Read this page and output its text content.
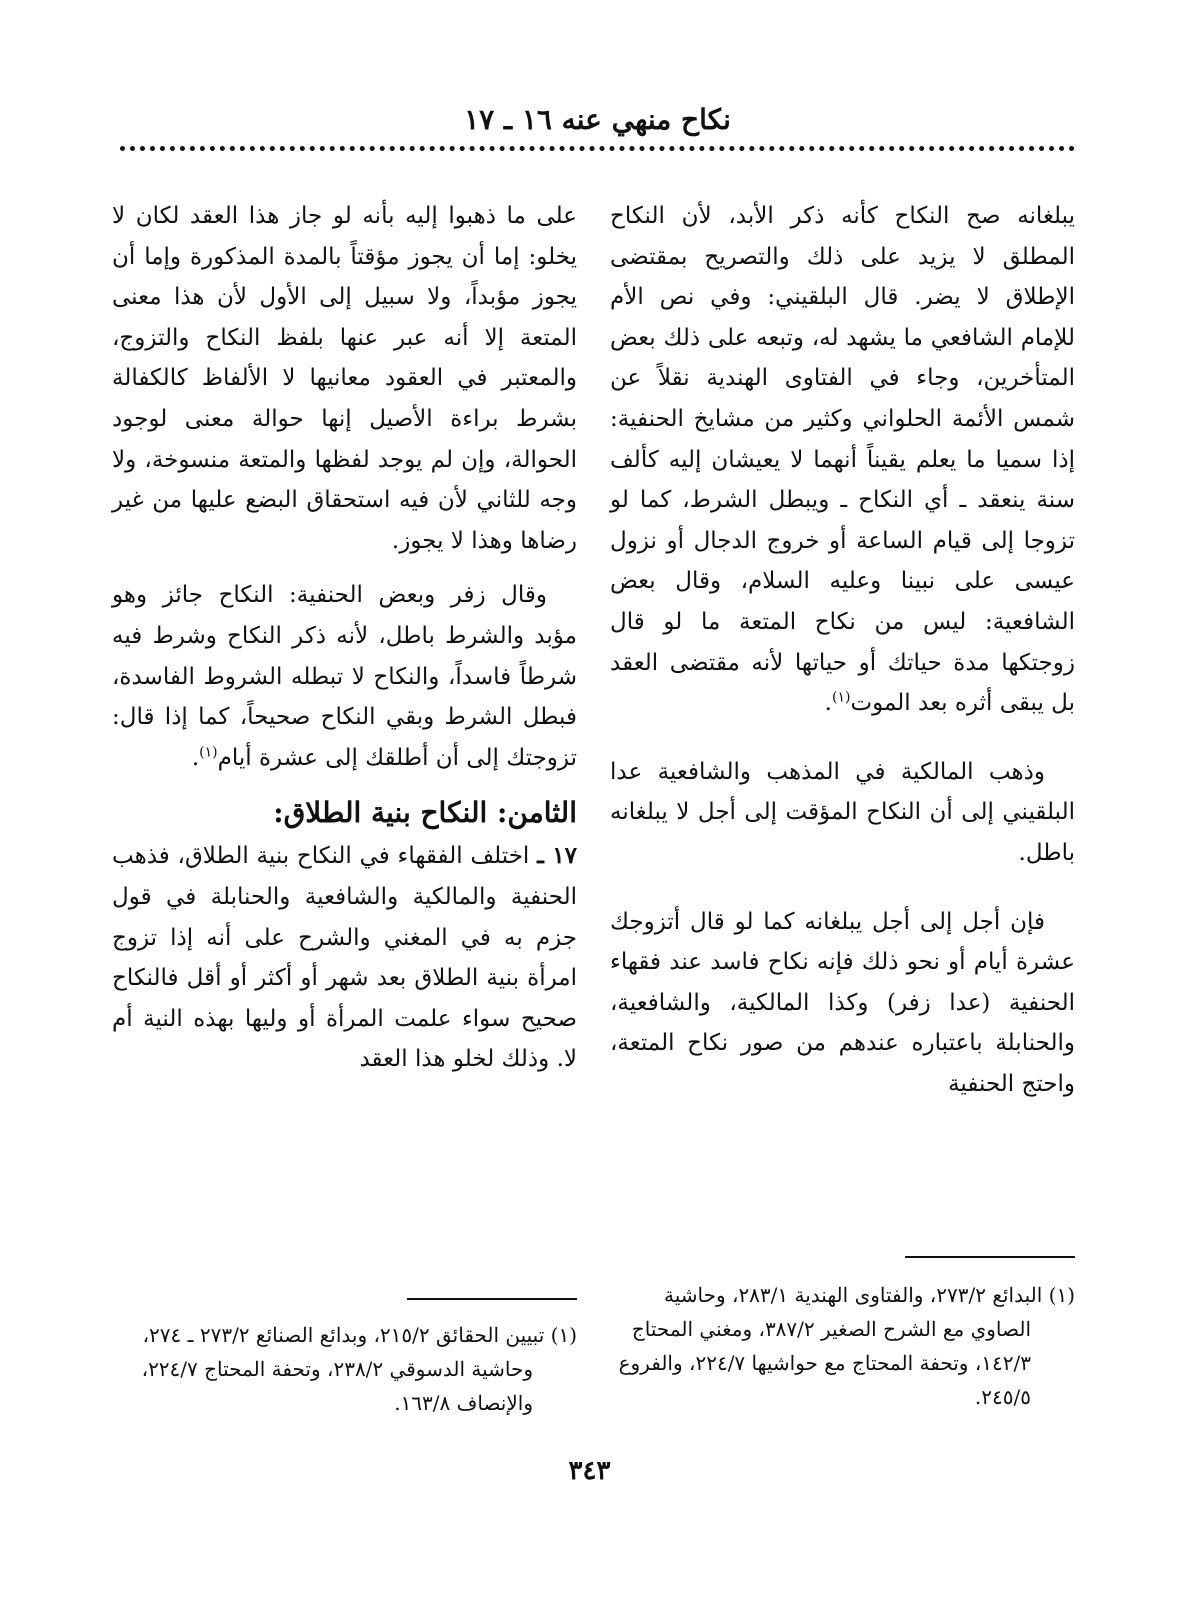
نكاح منهي عنه ١٦ ـ ١٧

يبلغانه صح النكاح كأنه ذكر الأبد، لأن النكاح المطلق لا يزيد على ذلك والتصريح بمقتضى الإطلاق لا يضر. قال البلقيني: وفي نص الأم للإمام الشافعي ما يشهد له، وتبعه على ذلك بعض المتأخرين، وجاء في الفتاوى الهندية نقلاً عن شمس الأئمة الحلواني وكثير من مشايخ الحنفية: إذا سميا ما يعلم يقيناً أنهما لا يعيشان إليه كألف سنة ينعقد ـ أي النكاح ـ ويبطل الشرط، كما لو تزوجا إلى قيام الساعة أو خروج الدجال أو نزول عيسى على نبينا وعليه السلام، وقال بعض الشافعية: ليس من نكاح المتعة ما لو قال زوجتكها مدة حياتك أو حياتها لأنه مقتضى العقد بل يبقى أثره بعد الموت$^{(١)}$.

وذهب المالكية في المذهب والشافعية عدا البلقيني إلى أن النكاح المؤقت إلى أجل لا يبلغانه باطل.

فإن أجل إلى أجل يبلغانه كما لو قال أتزوجك عشرة أيام أو نحو ذلك فإنه نكاح فاسد عند فقهاء الحنفية (عدا زفر) وكذا المالكية، والشافعية، والحنابلة باعتباره عندهم من صور نكاح المتعة، واحتج الحنفية

على ما ذهبوا إليه بأنه لو جاز هذا العقد لكان لا يخلو: إما أن يجوز مؤقتاً بالمدة المذكورة وإما أن يجوز مؤبداً، ولا سبيل إلى الأول لأن هذا معنى المتعة إلا أنه عبر عنها بلفظ النكاح والتزوج، والمعتبر في العقود معانيها لا الألفاظ كالكفالة بشرط براءة الأصيل إنها حوالة معنى لوجود الحوالة، وإن لم يوجد لفظها والمتعة منسوخة، ولا وجه للثاني لأن فيه استحقاق البضع عليها من غير رضاها وهذا لا يجوز.

وقال زفر وبعض الحنفية: النكاح جائز وهو مؤبد والشرط باطل، لأنه ذكر النكاح وشرط فيه شرطاً فاسداً، والنكاح لا تبطله الشروط الفاسدة، فبطل الشرط وبقي النكاح صحيحاً، كما إذا قال: تزوجتك إلى أن أطلقك إلى عشرة أيام$^{(١)}$.

الثامن: النكاح بنية الطلاق:

١٧ ـ اختلف الفقهاء في النكاح بنية الطلاق، فذهب الحنفية والمالكية والشافعية والحنابلة في قول جزم به في المغني والشرح على أنه إذا تزوج امرأة بنية الطلاق بعد شهر أو أكثر أو أقل فالنكاح صحيح سواء علمت المرأة أو وليها بهذه النية أم لا. وذلك لخلو هذا العقد

(١) البدائع ٢٧٣/٢، والفتاوى الهندية ٢٨٣/١، وحاشية الصاوي مع الشرح الصغير ٣٨٧/٢، ومغني المحتاج ١٤٢/٣، وتحفة المحتاج مع حواشيها ٢٢٤/٧، والفروع ٢٤٥/٥.

(١) تبيين الحقائق ٢١٥/٢، وبدائع الصنائع ٢٧٣/٢ ـ ٢٧٤، وحاشية الدسوقي ٢٣٨/٢، وتحفة المحتاج ٢٢٤/٧، والإنصاف ١٦٣/٨.

٣٤٣
